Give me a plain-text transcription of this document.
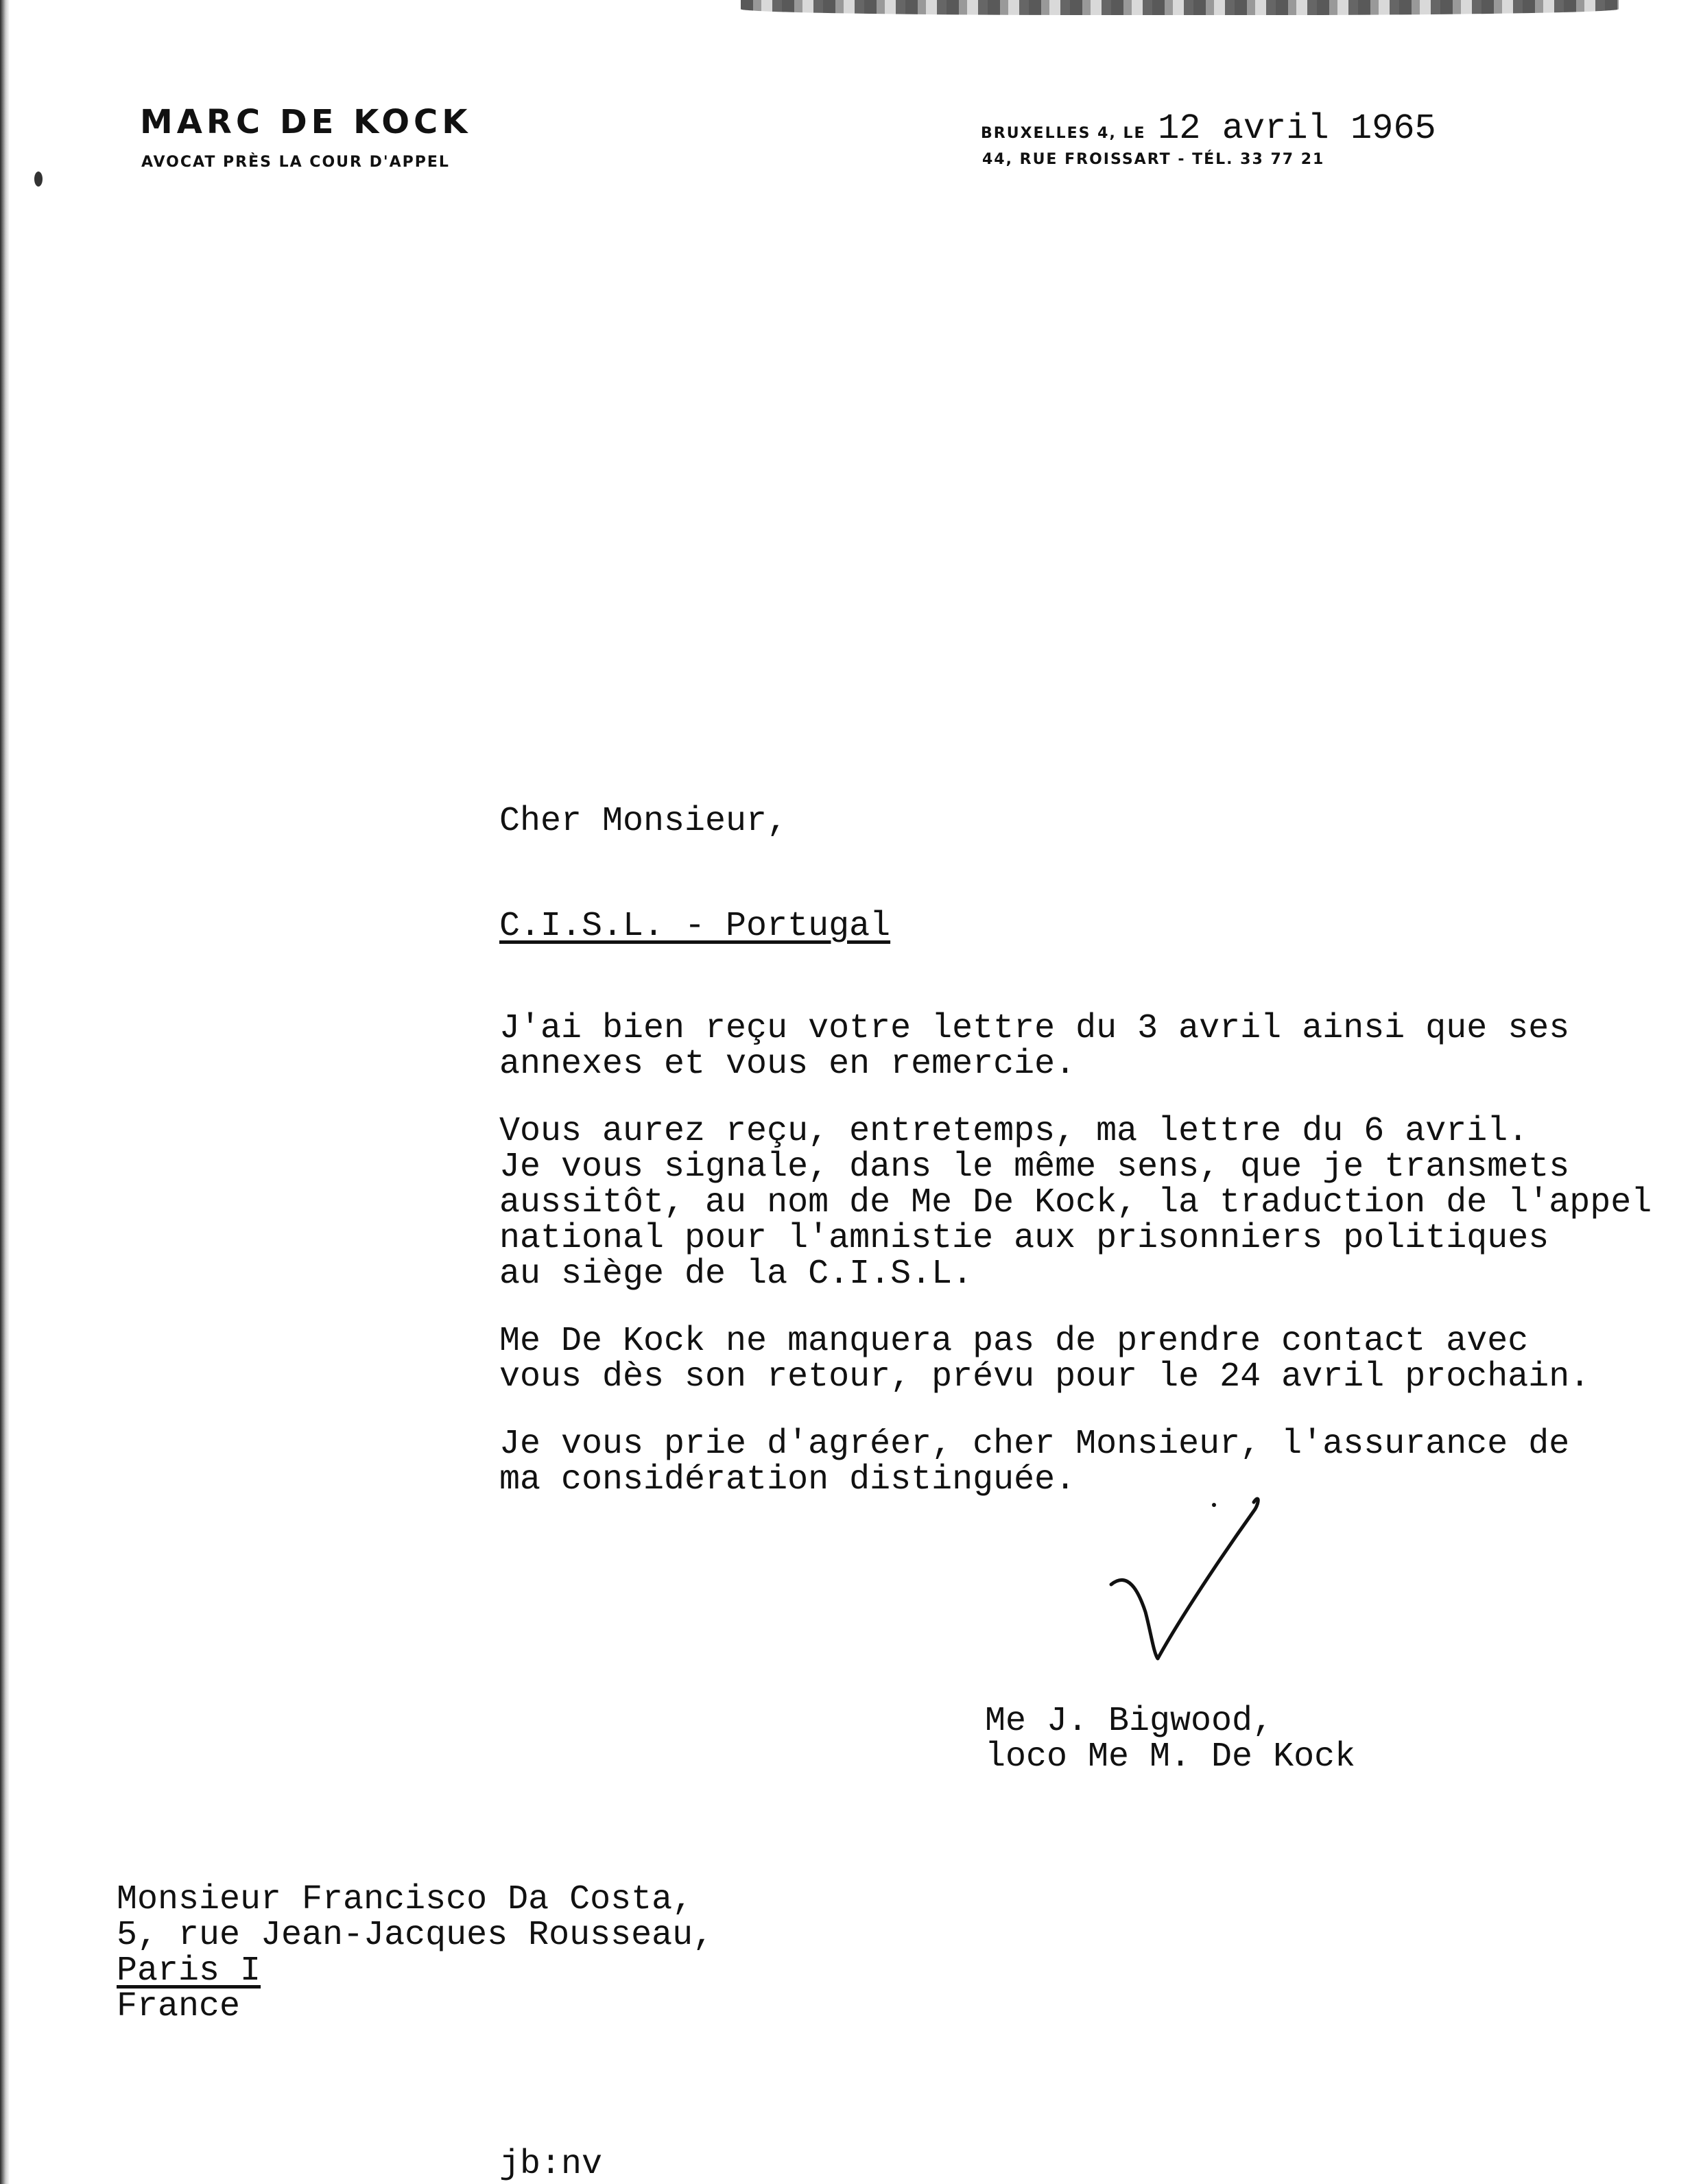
MARC DE KOCK
AVOCAT PRÈS LA COUR D'APPEL
BRUXELLES 4, LE 12 avril 1965
44, RUE FROISSART - TÉL. 33 77 21
Cher Monsieur,
C.I.S.L. - Portugal
J'ai bien reçu votre lettre du 3 avril ainsi que ses
annexes et vous en remercie.
Vous aurez reçu, entretemps, ma lettre du 6 avril.
Je vous signale, dans le même sens, que je transmets
aussitôt, au nom de Me De Kock, la traduction de l'appel
national pour l'amnistie aux prisonniers politiques
au siège de la C.I.S.L.
Me De Kock ne manquera pas de prendre contact avec
vous dès son retour, prévu pour le 24 avril prochain.
Je vous prie d'agréer, cher Monsieur, l'assurance de
ma considération distinguée.
Me J. Bigwood,
loco Me M. De Kock
Monsieur Francisco Da Costa,
5, rue Jean-Jacques Rousseau,
Paris I
France
jb:nv
